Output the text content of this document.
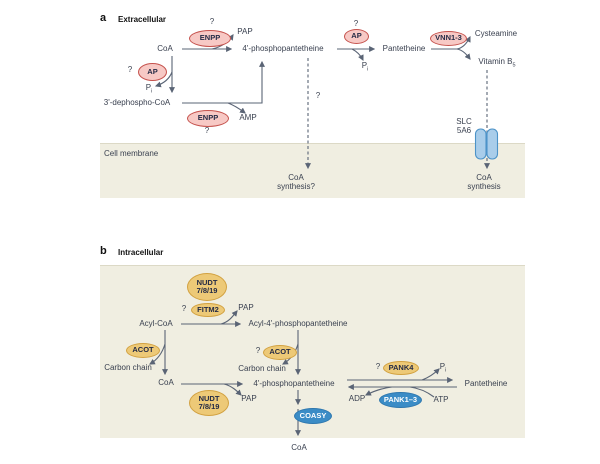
a Extracellular	?
ENPP
PAP
CoA	4'-phosphopantetheine
?
AP
$P_i$
Pantetheine
VNN1-3 Cysteamine
Vitamin $B_5$
? AP
$P_i$
3'-dephospho-CoA
ENPP	AMP
?
?
SLC
5A6
Cell membrane
CoA
synthesis?
CoA
synthesis
b Intracellular
NUDT
7/8/19
? FITM2 PAP
Acyl-CoA	Acyl-4'-phosphopantetheine
ACOT
Carbon chain
? ACOT
Carbon chain
CoA	4'-phosphopantetheine
NUDT
7/8/19
PAP
? PANK4	$P_i$
Pantetheine
ADP PANK1–3 ATP
COASY
CoA
